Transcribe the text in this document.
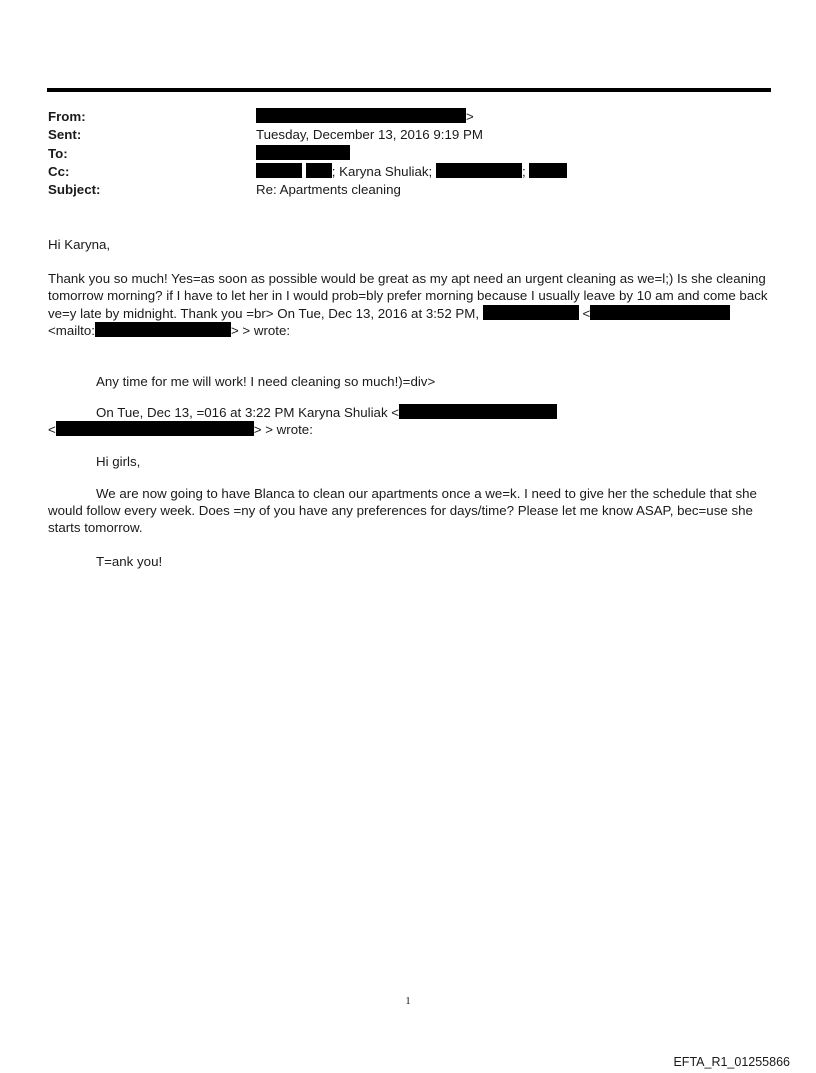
From:	>
Sent:	Tuesday, December 13, 2016 9:19 PM
To:
Cc:	; Karyna Shuliak;	;
Subject:	Re: Apartments cleaning

Hi Karyna,

Thank you so much! Yes=as soon as possible would be great as my apt need an urgent cleaning as we=l;) Is she cleaning tomorrow morning? if I have to let her in I would prob=bly prefer morning because I usually leave by 10 am and come back ve=y late by midnight. Thank you =br> On Tue, Dec 13, 2016 at 3:52 PM,	<
<mailto:	> > wrote:

Any time for me will work! I need cleaning so much!)=div>

On Tue, Dec 13, =016 at 3:22 PM Karyna Shuliak <
<	> > wrote:

Hi girls,

We are now going to have Blanca to clean our apartments once a we=k. I need to give her the schedule that she would follow every week. Does =ny of you have any preferences for days/time? Please let me know ASAP, bec=use she starts tomorrow.

T=ank you!

1
EFTA_R1_01255866
